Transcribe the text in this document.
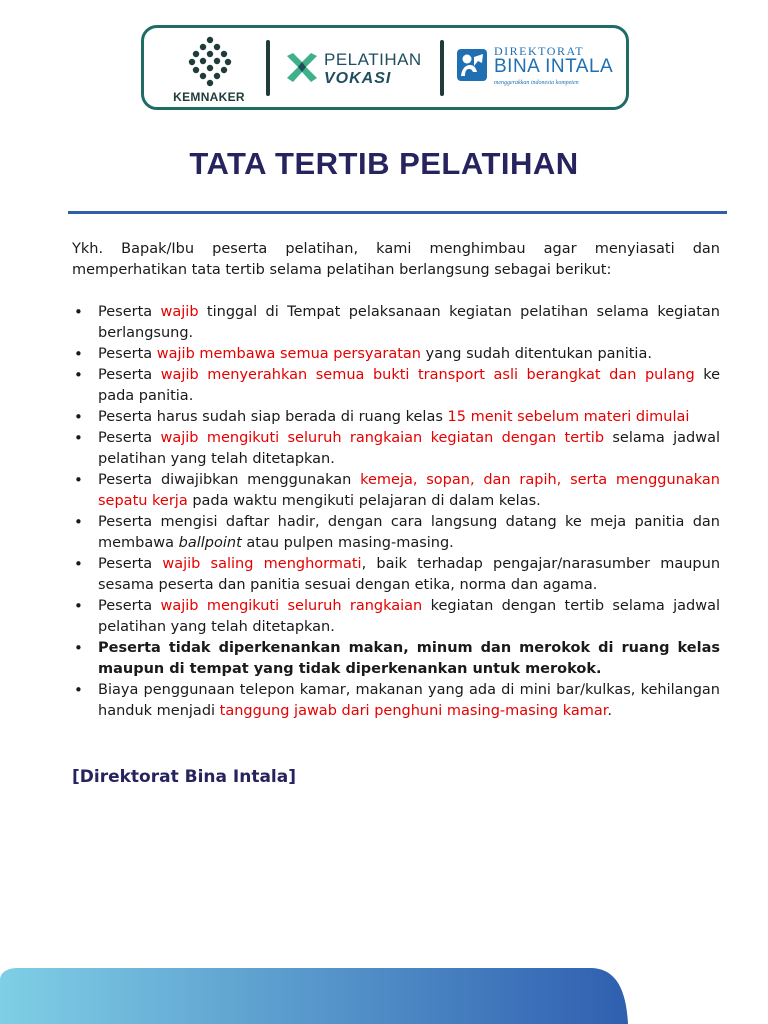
KEMNAKER
PELATIHAN
VOKASI
DIREKTORAT
BINA INTALA
menggerakkan indonesia kompeten
TATA TERTIB PELATIHAN

Ykh. Bapak/Ibu peserta pelatihan, kami menghimbau agar menyiasati dan memperhatikan tata tertib selama pelatihan berlangsung sebagai berikut:

• Peserta wajib tinggal di Tempat pelaksanaan kegiatan pelatihan selama kegiatan berlangsung.
• Peserta wajib membawa semua persyaratan yang sudah ditentukan panitia.
• Peserta wajib menyerahkan semua bukti transport asli berangkat dan pulang ke pada panitia.
• Peserta harus sudah siap berada di ruang kelas 15 menit sebelum materi dimulai
• Peserta wajib mengikuti seluruh rangkaian kegiatan dengan tertib selama jadwal pelatihan yang telah ditetapkan.
• Peserta diwajibkan menggunakan kemeja, sopan, dan rapih, serta menggunakan sepatu kerja pada waktu mengikuti pelajaran di dalam kelas.
• Peserta mengisi daftar hadir, dengan cara langsung datang ke meja panitia dan membawa ballpoint atau pulpen masing-masing.
• Peserta wajib saling menghormati, baik terhadap pengajar/narasumber maupun sesama peserta dan panitia sesuai dengan etika, norma dan agama.
• Peserta wajib mengikuti seluruh rangkaian kegiatan dengan tertib selama jadwal pelatihan yang telah ditetapkan.
• Peserta tidak diperkenankan makan, minum dan merokok di ruang kelas maupun di tempat yang tidak diperkenankan untuk merokok.
• Biaya penggunaan telepon kamar, makanan yang ada di mini bar/kulkas, kehilangan handuk menjadi tanggung jawab dari penghuni masing-masing kamar.

[Direktorat Bina Intala]
